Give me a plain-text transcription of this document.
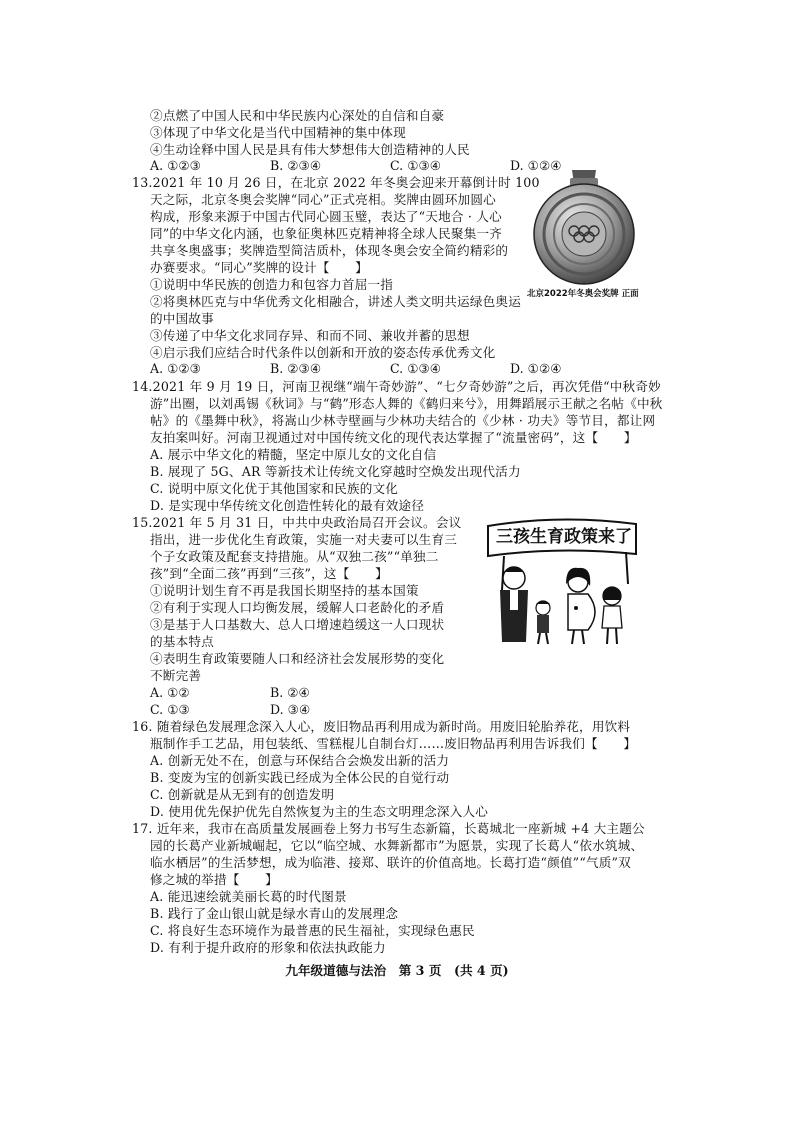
②点燃了中国人民和中华民族内心深处的自信和自豪
③体现了中华文化是当代中国精神的集中体现
④生动诠释中国人民是具有伟大梦想伟大创造精神的人民
A. ①②③	B. ②③④	C. ①③④	D. ①②④
13.2021 年 10 月 26 日，在北京 2022 年冬奥会迎来开幕倒计时 100
天之际，北京冬奥会奖牌“同心”正式亮相。奖牌由圆环加圆心
构成，形象来源于中国古代同心圆玉璧，表达了“天地合 · 人心
同”的中华文化内涵，也象征奥林匹克精神将全球人民聚集一齐
共享冬奥盛事；奖牌造型简洁质朴，体现冬奥会安全简约精彩的
办赛要求。“同心”奖牌的设计【　　】
①说明中华民族的创造力和包容力首屈一指
②将奥林匹克与中华优秀文化相融合，讲述人类文明共运绿色奥运
的中国故事
③传递了中华文化求同存异、和而不同、兼收并蓄的思想
④启示我们应结合时代条件以创新和开放的姿态传承优秀文化
A. ①②③	B. ②③④	C. ①③④	D. ①②④
北京2022年冬奥会奖牌 正面
14.2021 年 9 月 19 日，河南卫视继“端午奇妙游”、“七夕奇妙游”之后，再次凭借“中秋奇妙
游”出圈，以刘禹锡《秋词》与“鹤”形态人舞的《鹤归来兮》，用舞蹈展示王献之名帖《中秋
帖》的《墨舞中秋》，将嵩山少林寺壁画与少林功夫结合的《少林 · 功夫》等节目，都让网
友拍案叫好。河南卫视通过对中国传统文化的现代表达掌握了“流量密码”，这【　　】
A. 展示中华文化的精髓，坚定中原儿女的文化自信
B. 展现了 5G、AR 等新技术让传统文化穿越时空焕发出现代活力
C. 说明中原文化优于其他国家和民族的文化
D. 是实现中华传统文化创造性转化的最有效途径
15.2021 年 5 月 31 日，中共中央政治局召开会议。会议
指出，进一步优化生育政策，实施一对夫妻可以生育三
个子女政策及配套支持措施。从“双独二孩”“单独二
孩”到“全面二孩”再到“三孩”，这【　　】
①说明计划生育不再是我国长期坚持的基本国策
②有利于实现人口均衡发展，缓解人口老龄化的矛盾
③是基于人口基数大、总人口增速趋缓这一人口现状
的基本特点
④表明生育政策要随人口和经济社会发展形势的变化
不断完善
A. ①②	B. ②④
C. ①③	D. ③④
三孩生育政策来了
16. 随着绿色发展理念深入人心，废旧物品再利用成为新时尚。用废旧轮胎养花，用饮料
瓶制作手工艺品，用包装纸、雪糕棍儿自制台灯……废旧物品再利用告诉我们【　　】
A. 创新无处不在，创意与环保结合会焕发出新的活力
B. 变废为宝的创新实践已经成为全体公民的自觉行动
C. 创新就是从无到有的创造发明
D. 使用优先保护优先自然恢复为主的生态文明理念深入人心
17. 近年来，我市在高质量发展画卷上努力书写生态新篇，长葛城北一座新城 +4 大主题公
园的长葛产业新城崛起，它以“临空城、水舞新都市”为愿景，实现了长葛人“依水筑城、
临水栖居”的生活梦想，成为临港、接郑、联许的价值高地。长葛打造“颜值”“气质”双
修之城的举措【　　】
A. 能迅速绘就美丽长葛的时代图景
B. 践行了金山银山就是绿水青山的发展理念
C. 将良好生态环境作为最普惠的民生福祉，实现绿色惠民
D. 有利于提升政府的形象和依法执政能力
九年级道德与法治　第 3 页　(共 4 页)
